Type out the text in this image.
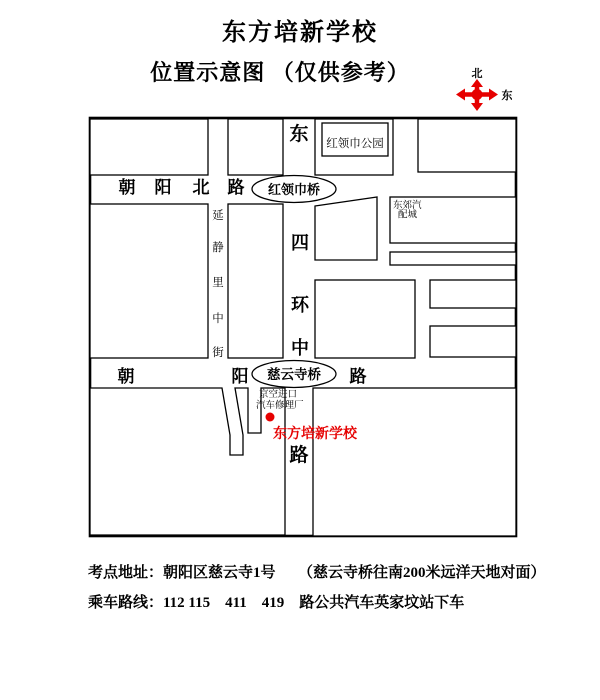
东方培新学校
位置示意图 （仅供参考）	北
东
红领巾桥
慈云寺桥
朝 阳 北 路
朝	阳	路
东
四
环
中
路
延
静
里
中
街
红领巾公园
东郊汽
配城
京空进口
汽车修理厂
东方培新学校
考点地址：朝阳区慈云寺1号　　（慈云寺桥往南200米远洋天地对面）
乘车路线：112 115　411　419　路公共汽车英家坟站下车
